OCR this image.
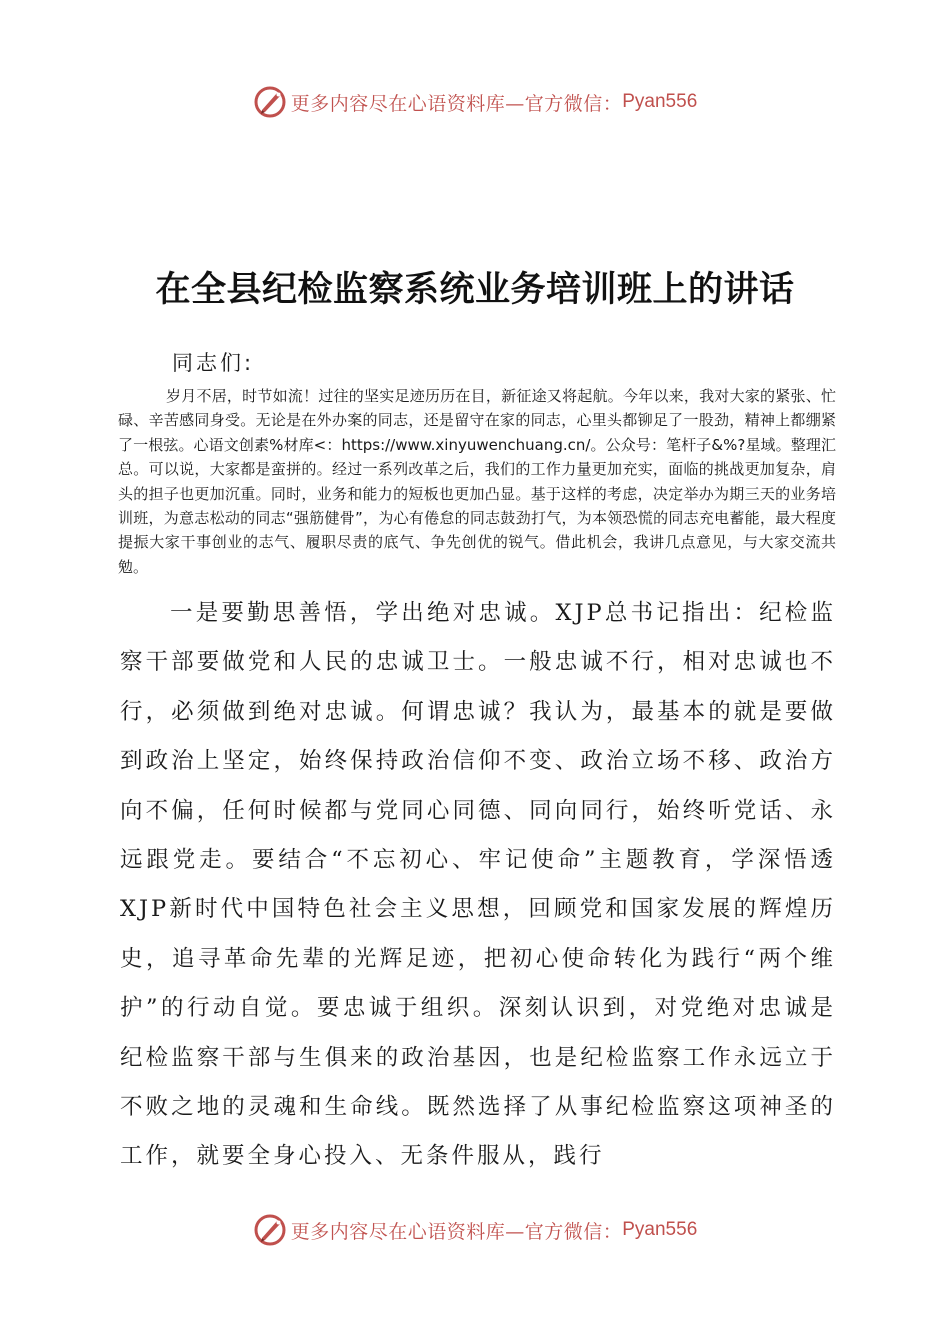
更多内容尽在心语资料库—官方微信： Pyan556
在全县纪检监察系统业务培训班上的讲话
同志们:

岁月不居，时节如流！过往的坚实足迹历历在目，新征途又将起航。今年以来，我对大家的紧张、忙碌、辛苦感同身受。无论是在外办案的同志，还是留守在家的同志，心里头都铆足了一股劲，精神上都绷紧了一根弦。心语文创素%材库<：https://www.xinyuwenchuang.cn/。公众号：笔杆子&%?星域。整理汇总。可以说，大家都是蛮拼的。经过一系列改革之后，我们的工作力量更加充实，面临的挑战更加复杂，肩头的担子也更加沉重。同时，业务和能力的短板也更加凸显。基于这样的考虑，决定举办为期三天的业务培训班，为意志松动的同志“强筋健骨”，为心有倦怠的同志鼓劲打气，为本领恐慌的同志充电蓄能，最大程度提振大家干事创业的志气、履职尽责的底气、争先创优的锐气。借此机会，我讲几点意见，与大家交流共勉。

一是要勤思善悟，学出绝对忠诚。XJP总书记指出：纪检监察干部要做党和人民的忠诚卫士。一般忠诚不行，相对忠诚也不行，必须做到绝对忠诚。何谓忠诚？我认为，最基本的就是要做到政治上坚定，始终保持政治信仰不变、政治立场不移、政治方向不偏，任何时候都与党同心同德、同向同行，始终听党话、永远跟党走。要结合“不忘初心、牢记使命”主题教育，学深悟透XJP新时代中国特色社会主义思想，回顾党和国家发展的辉煌历史，追寻革命先辈的光辉足迹，把初心使命转化为践行“两个维护”的行动自觉。要忠诚于组织。深刻认识到，对党绝对忠诚是纪检监察干部与生俱来的政治基因，也是纪检监察工作永远立于不败之地的灵魂和生命线。既然选择了从事纪检监察这项神圣的工作，就要全身心投入、无条件服从，践行

更多内容尽在心语资料库—官方微信： Pyan556
